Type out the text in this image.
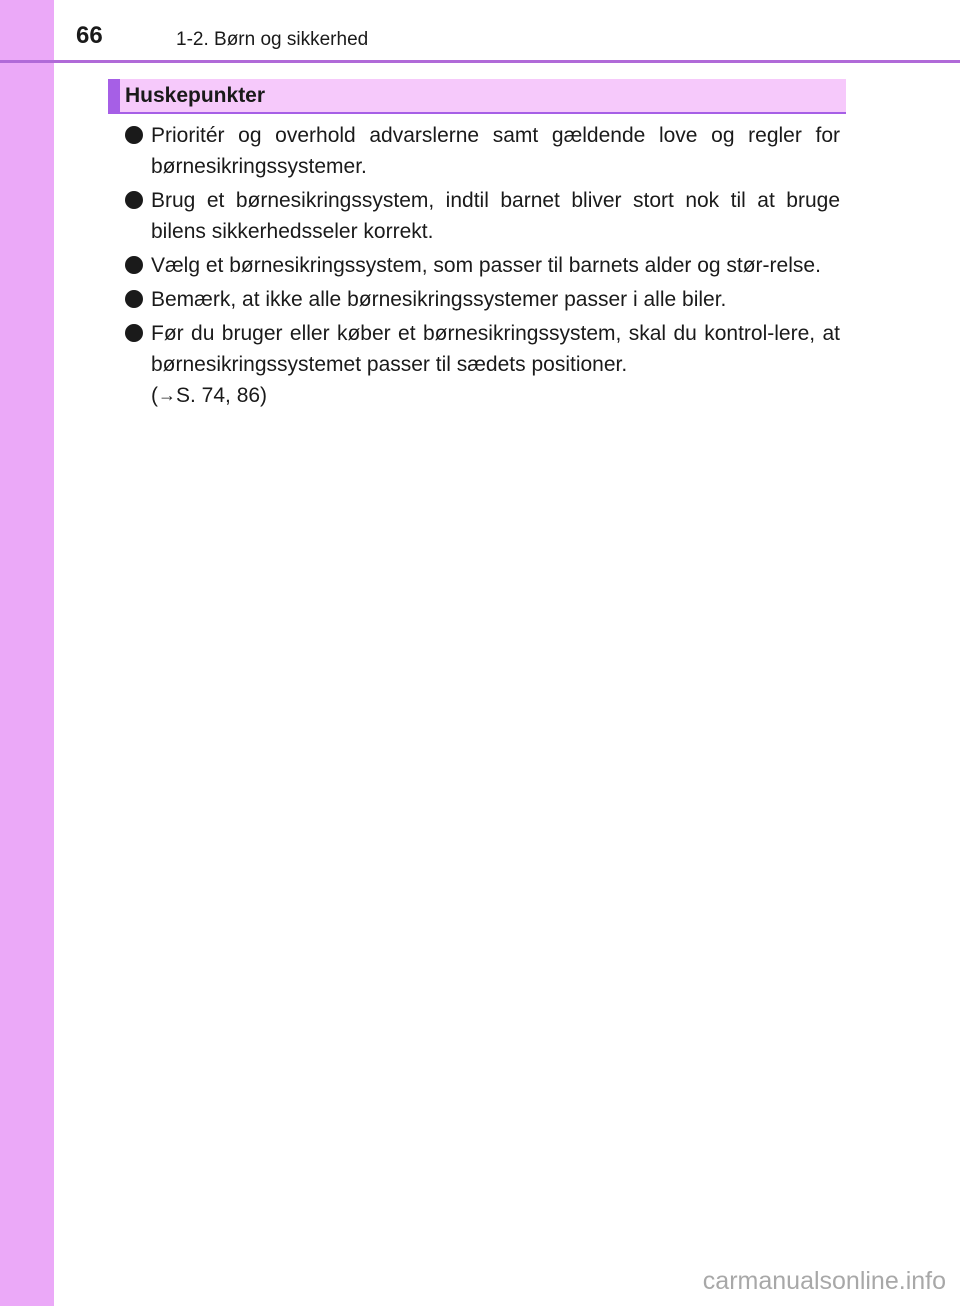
66	1-2. Børn og sikkerhed
Huskepunkter
Prioritér og overhold advarslerne samt gældende love og regler for børnesikringssystemer.
Brug et børnesikringssystem, indtil barnet bliver stort nok til at bruge bilens sikkerhedsseler korrekt.
Vælg et børnesikringssystem, som passer til barnets alder og stør-relse.
Bemærk, at ikke alle børnesikringssystemer passer i alle biler.
Før du bruger eller køber et børnesikringssystem, skal du kontrol-lere, at børnesikringssystemet passer til sædets positioner.
(→S. 74, 86)
carmanualsonline.info
